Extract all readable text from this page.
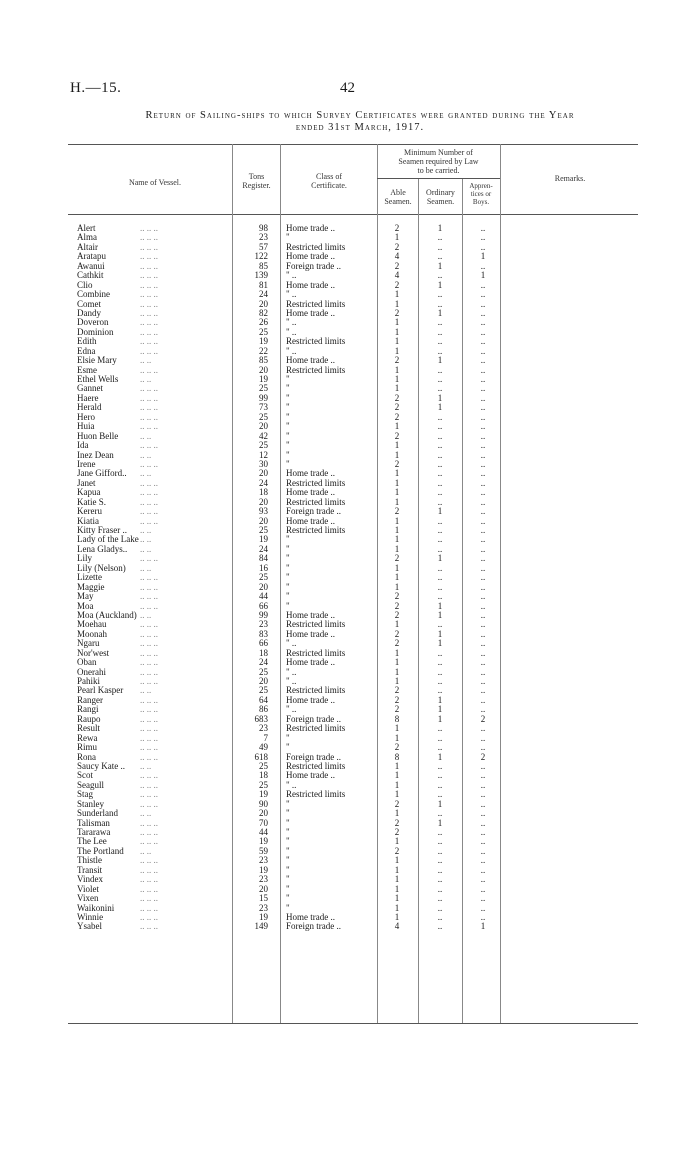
H.—15.	42
Return of Sailing-ships to which Survey Certificates were granted during the Year
ended 31st March, 1917.
Name of Vessel.
Tons
Register.
Class of
Certificate.
Minimum Number of
Seamen required by Law
to be carried.
Able
Seamen.
Ordinary
Seamen.
Appren-
tices or
Boys.
Remarks.
Alert	.. .. ..	98 Home trade ..	2	1	..
Alma	.. .. ..	23 "	1	..	..
Altair	.. .. ..	57 Restricted limits	2	..	..
Aratapu	.. .. ..	122 Home trade ..	4	..	1
Awanui	.. .. ..	85 Foreign trade ..	2	1	..
Cathkit	.. .. ..	139 " ..	4	..	1
Clio	.. .. ..	81 Home trade ..	2	1	..
Combine	.. .. ..	24 " ..	1	..	..
Comet	.. .. ..	20 Restricted limits	1	..	..
Dandy	.. .. ..	82 Home trade ..	2	1	..
Doveron	.. .. ..	26 " ..	1	..	..
Dominion	.. .. ..	25 " ..	1	..	..
Edith	.. .. ..	19 Restricted limits	1	..	..
Edna	.. .. ..	22 " ..	1	..	..
Elsie Mary	.. ..	85 Home trade ..	2	1	..
Esme	.. .. ..	20 Restricted limits	1	..	..
Ethel Wells	.. ..	19 "	1	..	..
Gannet	.. .. ..	25 "	1	..	..
Haere	.. .. ..	99 "	2	1	..
Herald	.. .. ..	73 "	2	1	..
Hero	.. .. ..	25 "	2	..	..
Huia	.. .. ..	20 "	1	..	..
Huon Belle	.. ..	42 "	2	..	..
Ida	.. .. ..	25 "	1	..	..
Inez Dean	.. ..	12 "	1	..	..
Irene	.. .. ..	30 "	2	..	..
Jane Gifford..	.. ..	20 Home trade ..	1	..	..
Janet	.. .. ..	24 Restricted limits	1	..	..
Kapua	.. .. ..	18 Home trade ..	1	..	..
Katie S.	.. .. ..	20 Restricted limits	1	..	..
Kereru	.. .. ..	93 Foreign trade ..	2	1	..
Kiatia	.. .. ..	20 Home trade ..	1	..	..
Kitty Fraser ..	.. ..	25 Restricted limits	1	..	..
Lady of the Lake .. ..	19 "	1	..	..
Lena Gladys..	.. ..	24 "	1	..	..
Lily	.. .. ..	84 "	2	1	..
Lily (Nelson)	.. ..	16 "	1	..	..
Lizette	.. .. ..	25 "	1	..	..
Maggie	.. .. ..	20 "	1	..	..
May	.. .. ..	44 "	2	..	..
Moa	.. .. ..	66 "	2	1	..
Moa (Auckland) .. ..	99 Home trade ..	2	1	..
Moehau	.. .. ..	23 Restricted limits	1	..	..
Moonah	.. .. ..	83 Home trade ..	2	1	..
Ngaru	.. .. ..	66 " ..	2	1	..
Nor'west	.. .. ..	18 Restricted limits	1	..	..
Oban	.. .. ..	24 Home trade ..	1	..	..
Onerahi	.. .. ..	25 " ..	1	..	..
Pahiki	.. .. ..	20 " ..	1	..	..
Pearl Kasper	.. ..	25 Restricted limits	2	..	..
Ranger	.. .. ..	64 Home trade ..	2	1	..
Rangi	.. .. ..	86 " ..	2	1	..
Raupo	.. .. ..	683 Foreign trade ..	8	1	2
Result	.. .. ..	23 Restricted limits	1	..	..
Rewa	.. .. ..	7 "	1	..	..
Rimu	.. .. ..	49 "	2	..	..
Rona	.. .. ..	618 Foreign trade ..	8	1	2
Saucy Kate ..	.. ..	25 Restricted limits	1	..	..
Scot	.. .. ..	18 Home trade ..	1	..	..
Seagull	.. .. ..	25 " ..	1	..	..
Stag	.. .. ..	19 Restricted limits	1	..	..
Stanley	.. .. ..	90 "	2	1	..
Sunderland	.. ..	20 "	1	..	..
Talisman	.. .. ..	70 "	2	1	..
Tararawa	.. .. ..	44 "	2	..	..
The Lee	.. .. ..	19 "	1	..	..
The Portland	.. ..	59 "	2	..	..
Thistle	.. .. ..	23 "	1	..	..
Transit	.. .. ..	19 "	1	..	..
Vindex	.. .. ..	23 "	1	..	..
Violet	.. .. ..	20 "	1	..	..
Vixen	.. .. ..	15 "	1	..	..
Waikonini	.. .. ..	23 "	1	..	..
Winnie	.. .. ..	19 Home trade ..	1	..	..
Ysabel	.. .. ..	149 Foreign trade ..	4	..	1
